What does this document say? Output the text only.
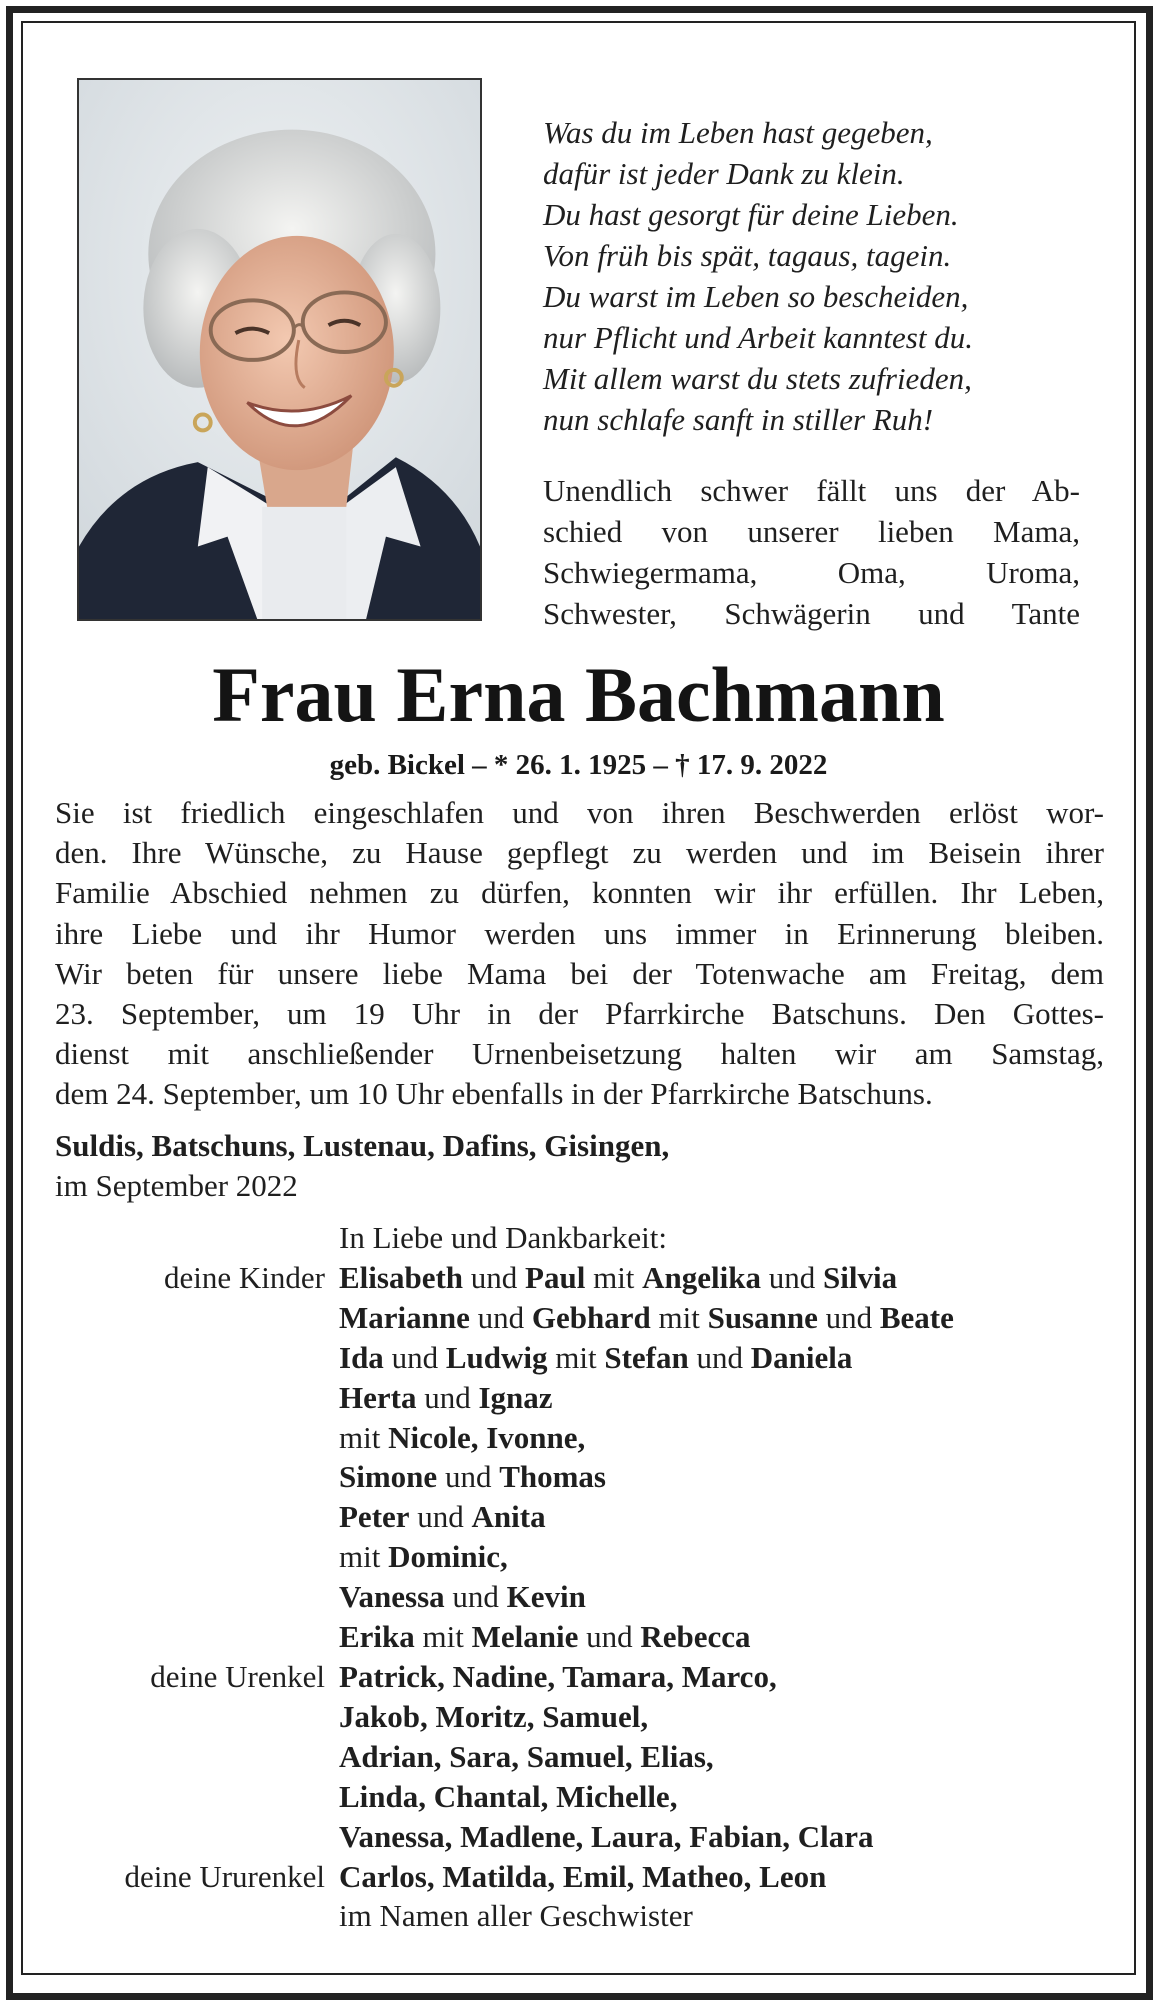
Was du im Leben hast gegeben,
dafür ist jeder Dank zu klein.
Du hast gesorgt für deine Lieben.
Von früh bis spät, tagaus, tagein.
Du warst im Leben so bescheiden,
nur Pflicht und Arbeit kanntest du.
Mit allem warst du stets zufrieden,
nun schlafe sanft in stiller Ruh!
Unendlich schwer fällt uns der Ab-
schied von unserer lieben Mama,
Schwiegermama, Oma, Uroma,
Schwester, Schwägerin und Tante
Frau Erna Bachmann
geb. Bickel – * 26. 1. 1925 – † 17. 9. 2022
Sie ist friedlich eingeschlafen und von ihren Beschwerden erlöst wor-
den. Ihre Wünsche, zu Hause gepflegt zu werden und im Beisein ihrer
Familie Abschied nehmen zu dürfen, konnten wir ihr erfüllen. Ihr Leben,
ihre Liebe und ihr Humor werden uns immer in Erinnerung bleiben.
Wir beten für unsere liebe Mama bei der Totenwache am Freitag, dem
23. September, um 19 Uhr in der Pfarrkirche Batschuns. Den Gottes-
dienst mit anschließender Urnenbeisetzung halten wir am Samstag,
dem 24. September, um 10 Uhr ebenfalls in der Pfarrkirche Batschuns.
Suldis, Batschuns, Lustenau, Dafins, Gisingen,
im September 2022
In Liebe und Dankbarkeit:
deine Kinder Elisabeth und Paul mit Angelika und Silvia
Marianne und Gebhard mit Susanne und Beate
Ida und Ludwig mit Stefan und Daniela
Herta und Ignaz
mit Nicole, Ivonne,
Simone und Thomas
Peter und Anita
mit Dominic,
Vanessa und Kevin
Erika mit Melanie und Rebecca
deine Urenkel Patrick, Nadine, Tamara, Marco,
Jakob, Moritz, Samuel,
Adrian, Sara, Samuel, Elias,
Linda, Chantal, Michelle,
Vanessa, Madlene, Laura, Fabian, Clara
deine Ururenkel Carlos, Matilda, Emil, Matheo, Leon
im Namen aller Geschwister
